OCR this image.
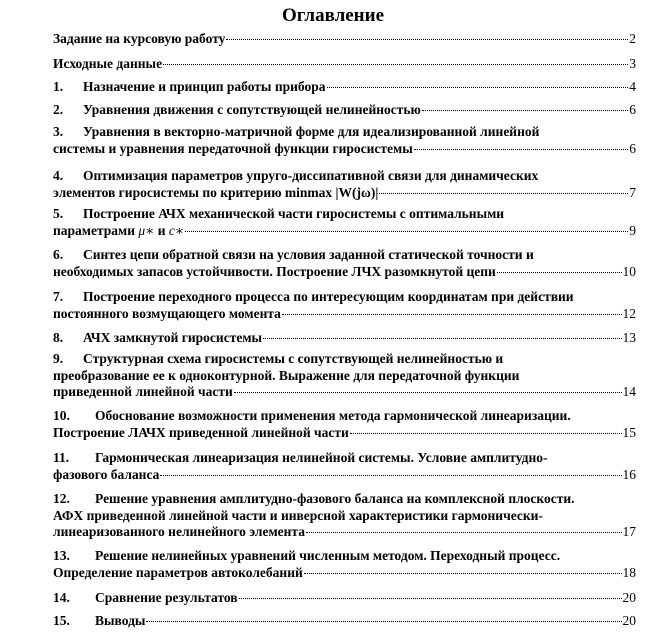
Оглавление
Задание на курсовую работу	2
Исходные данные	3
1. Назначение и принцип работы прибора	4
2. Уравнения движения с сопутствующей нелинейностью	6
3. Уравнения в векторно-матричной форме для идеализированной линейной
системы и уравнения передаточной функции гиросистемы	6
4. Оптимизация параметров упруго-диссипативной связи для динамических
элементов гиросистемы по критерию minmax |W(jω)|	7
5. Построение АЧХ механической части гиросистемы с оптимальными
параметрами μ∗ и c∗	9
6. Синтез цепи обратной связи на условия заданной статической точности и
необходимых запасов устойчивости. Построение ЛЧХ разомкнутой цепи	10
7. Построение переходного процесса по интересующим координатам при действии
постоянного возмущающего момента	12
8. АЧХ замкнутой гиросистемы	13
9. Структурная схема гиросистемы с сопутствующей нелинейностью и
преобразование ее к одноконтурной. Выражение для передаточной функции
приведенной линейной части	14
10. Обоснование возможности применения метода гармонической линеаризации.
Построение ЛАЧХ приведенной линейной части	15
11. Гармоническая линеаризация нелинейной системы. Условие амплитудно-
фазового баланса	16
12. Решение уравнения амплитудно-фазового баланса на комплексной плоскости.
АФХ приведенной линейной части и инверсной характеристики гармонически-
линеаризованного нелинейного элемента	17
13. Решение нелинейных уравнений численным методом. Переходный процесс.
Определение параметров автоколебаний	18
14. Сравнение результатов	20
15. Выводы	20
